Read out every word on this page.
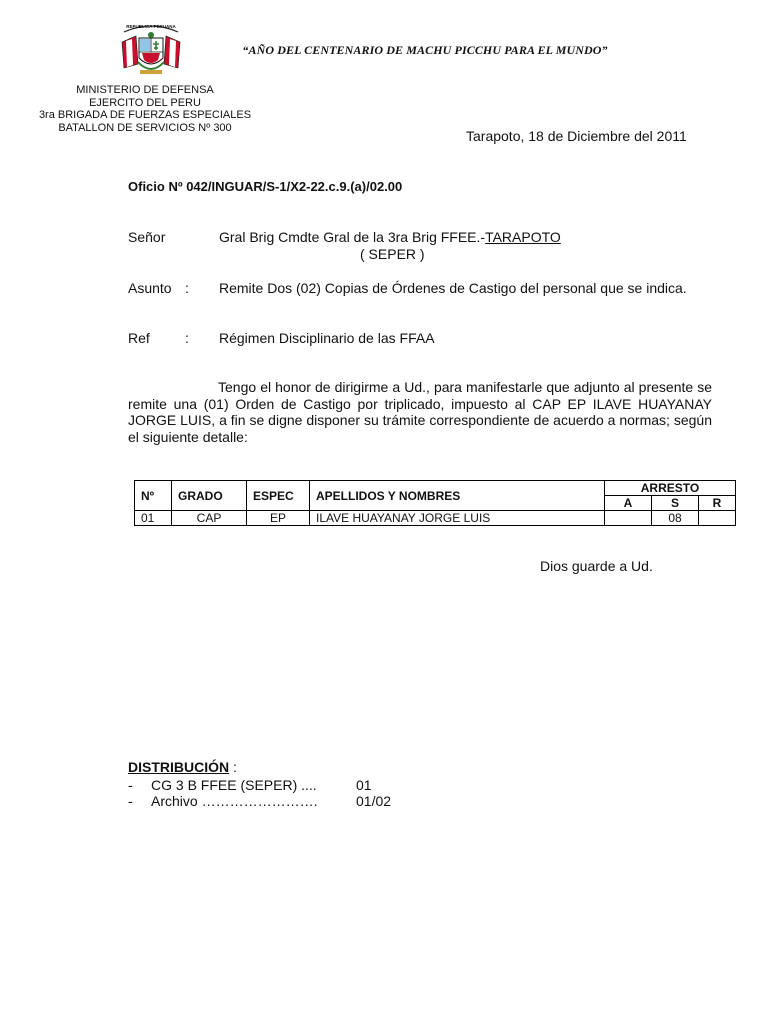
REPUBLICA PERUANA
“AÑO DEL CENTENARIO DE MACHU PICCHU PARA EL MUNDO”
MINISTERIO DE DEFENSA
EJERCITO DEL PERU
3ra BRIGADA DE FUERZAS ESPECIALES
BATALLON DE SERVICIOS Nº 300
Tarapoto, 18 de Diciembre del 2011
Oficio Nº 042/INGUAR/S-1/X2-22.c.9.(a)/02.00
Señor	Gral Brig Cmdte Gral de la 3ra Brig FFEE.-TARAPOTO
( SEPER )
Asunto : Remite Dos (02) Copias de Órdenes de Castigo del personal que se indica.
Ref	: Régimen Disciplinario de las FFAA
Tengo el honor de dirigirme a Ud., para manifestarle que adjunto al presente se remite una (01) Orden de Castigo por triplicado, impuesto al CAP EP ILAVE HUAYANAY JORGE LUIS, a fin se digne disponer su trámite correspondiente de acuerdo a normas; según el siguiente detalle:
Nº	GRADO	ESPEC	APELLIDOS Y NOMBRES	ARRESTO		
				A	S	R
01	CAP	EP	ILAVE HUAYANAY JORGE LUIS		08	
Dios guarde a Ud.
DISTRIBUCIÓN :
- CG 3 B FFEE (SEPER) ....	01
- Archivo …………………….	01/02
